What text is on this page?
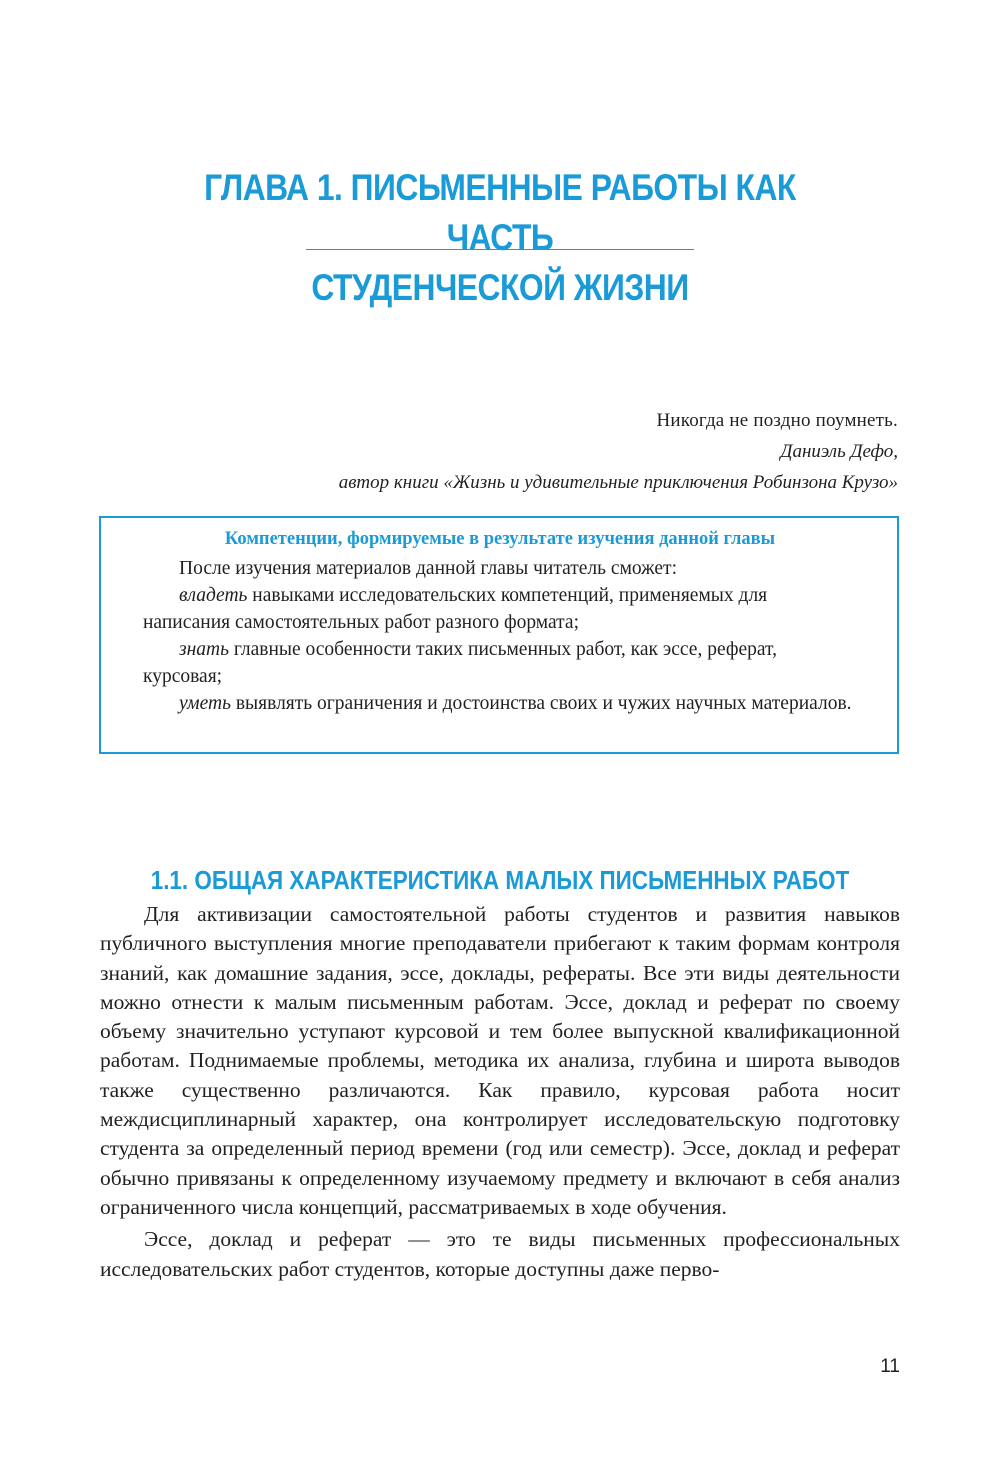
ГЛАВА 1. ПИСЬМЕННЫЕ РАБОТЫ КАК ЧАСТЬ
СТУДЕНЧЕСКОЙ ЖИЗНИ
Никогда не поздно поумнеть.
Даниэль Дефо,
автор книги «Жизнь и удивительные приключения Робинзона Крузо»
Компетенции, формируемые в результате изучения данной главы
После изучения материалов данной главы читатель сможет:
владеть навыками исследовательских компетенций, применяемых для написания самостоятельных работ разного формата;
знать главные особенности таких письменных работ, как эссе, реферат, курсовая;
уметь выявлять ограничения и достоинства своих и чужих научных материалов.
1.1. ОБЩАЯ ХАРАКТЕРИСТИКА МАЛЫХ ПИСЬМЕННЫХ РАБОТ

Для активизации самостоятельной работы студентов и развития навыков публичного выступления многие преподаватели прибегают к таким формам контроля знаний, как домашние задания, эссе, доклады, рефераты. Все эти виды деятельности можно отнести к малым письменным работам. Эссе, доклад и реферат по своему объему значительно уступают курсовой и тем более выпускной квалификационной работам. Поднимаемые проблемы, методика их анализа, глубина и широта выводов также существенно различаются. Как правило, курсовая работа носит междисциплинарный характер, она контролирует исследовательскую подготовку студента за определенный период времени (год или семестр). Эссе, доклад и реферат обычно привязаны к определенному изучаемому предмету и включают в себя анализ ограниченного числа концепций, рассматриваемых в ходе обучения.

Эссе, доклад и реферат — это те виды письменных профессиональных исследовательских работ студентов, которые доступны даже перво-

11
